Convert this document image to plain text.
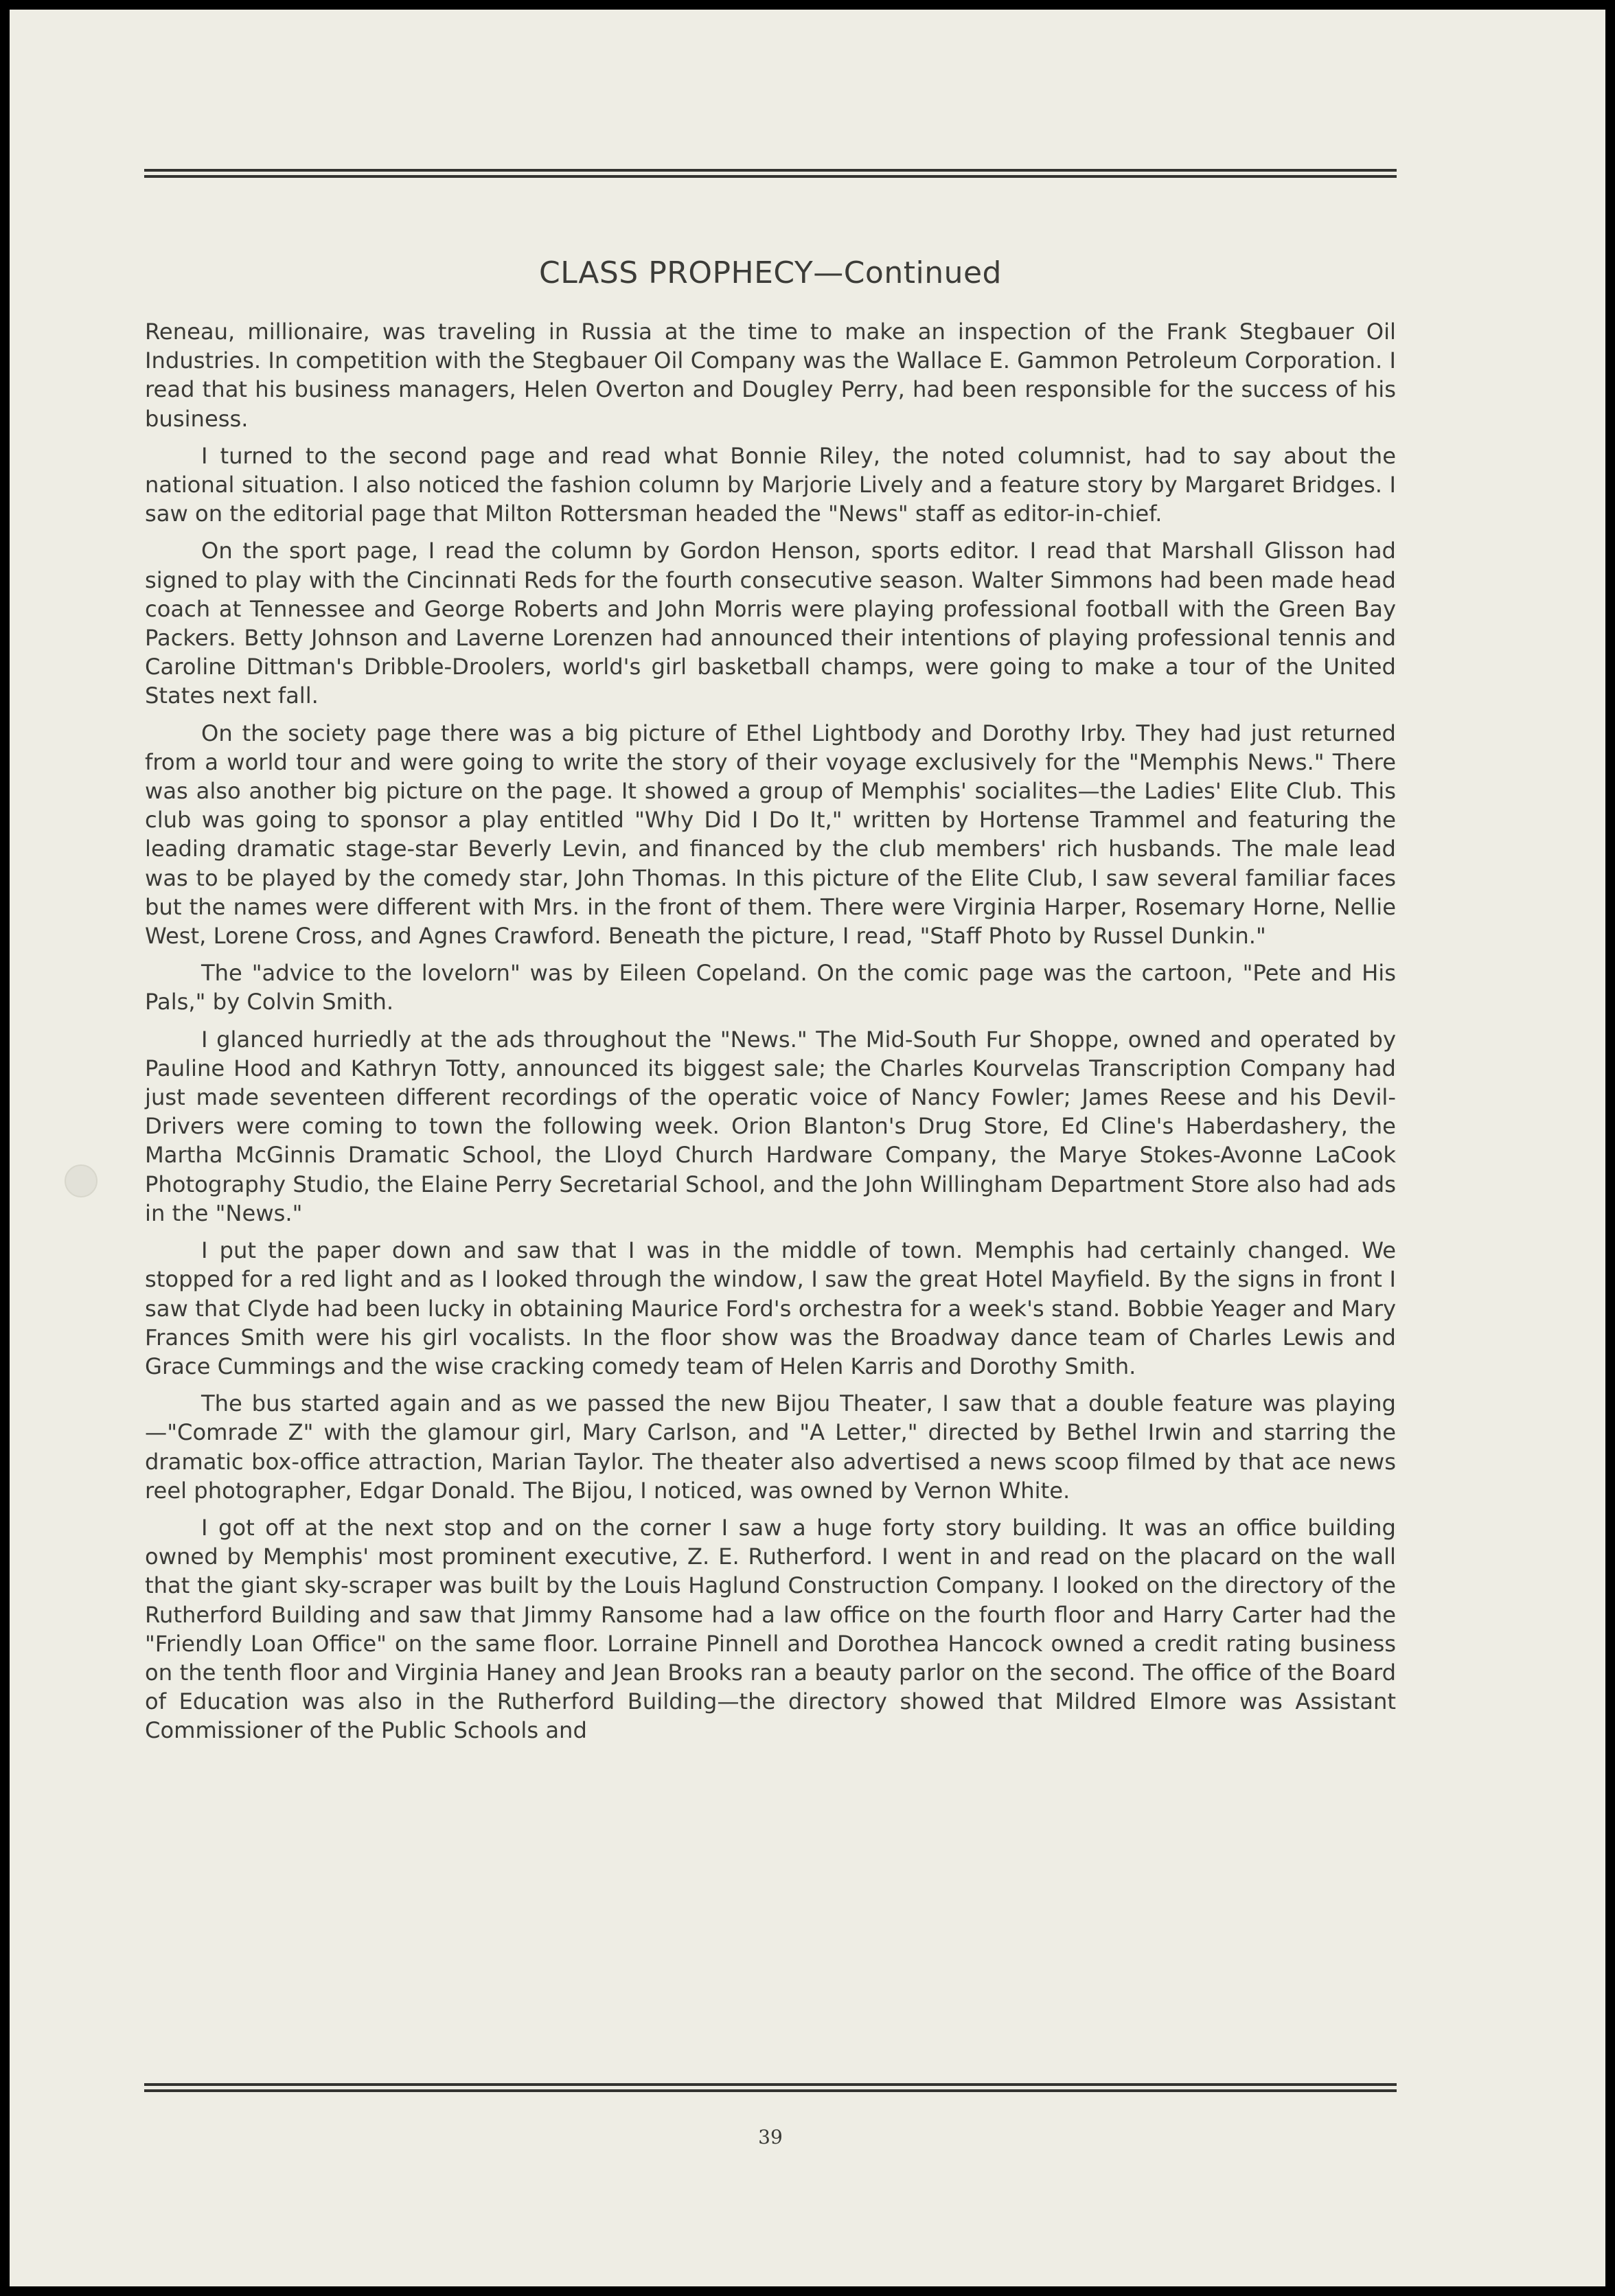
CLASS PROPHECY—Continued

Reneau, millionaire, was traveling in Russia at the time to make an inspection of the Frank Stegbauer Oil Industries. In competition with the Stegbauer Oil Company was the Wallace E. Gammon Petroleum Corporation. I read that his business managers, Helen Overton and Dougley Perry, had been responsible for the success of his business.

I turned to the second page and read what Bonnie Riley, the noted columnist, had to say about the national situation. I also noticed the fashion column by Marjorie Lively and a feature story by Margaret Bridges. I saw on the editorial page that Milton Rottersman headed the "News" staff as editor-in-chief.

On the sport page, I read the column by Gordon Henson, sports editor. I read that Marshall Glisson had signed to play with the Cincinnati Reds for the fourth consecutive season. Walter Simmons had been made head coach at Tennessee and George Roberts and John Morris were playing professional football with the Green Bay Packers. Betty Johnson and Laverne Lorenzen had announced their intentions of playing professional tennis and Caroline Dittman's Dribble-Droolers, world's girl basketball champs, were going to make a tour of the United States next fall.

On the society page there was a big picture of Ethel Lightbody and Dorothy Irby. They had just returned from a world tour and were going to write the story of their voyage exclusively for the "Memphis News." There was also another big picture on the page. It showed a group of Memphis' socialites—the Ladies' Elite Club. This club was going to sponsor a play entitled "Why Did I Do It," written by Hortense Trammel and featuring the leading dramatic stage-star Beverly Levin, and financed by the club members' rich husbands. The male lead was to be played by the comedy star, John Thomas. In this picture of the Elite Club, I saw several familiar faces but the names were different with Mrs. in the front of them. There were Virginia Harper, Rosemary Horne, Nellie West, Lorene Cross, and Agnes Crawford. Beneath the picture, I read, "Staff Photo by Russel Dunkin."

The "advice to the lovelorn" was by Eileen Copeland. On the comic page was the cartoon, "Pete and His Pals," by Colvin Smith.

I glanced hurriedly at the ads throughout the "News." The Mid-South Fur Shoppe, owned and operated by Pauline Hood and Kathryn Totty, announced its biggest sale; the Charles Kourvelas Transcription Company had just made seventeen different recordings of the operatic voice of Nancy Fowler; James Reese and his Devil-Drivers were coming to town the following week. Orion Blanton's Drug Store, Ed Cline's Haberdashery, the Martha McGinnis Dramatic School, the Lloyd Church Hardware Company, the Marye Stokes-Avonne LaCook Photography Studio, the Elaine Perry Secretarial School, and the John Willingham Department Store also had ads in the "News."

I put the paper down and saw that I was in the middle of town. Memphis had certainly changed. We stopped for a red light and as I looked through the window, I saw the great Hotel Mayfield. By the signs in front I saw that Clyde had been lucky in obtaining Maurice Ford's orchestra for a week's stand. Bobbie Yeager and Mary Frances Smith were his girl vocalists. In the floor show was the Broadway dance team of Charles Lewis and Grace Cummings and the wise cracking comedy team of Helen Karris and Dorothy Smith.

The bus started again and as we passed the new Bijou Theater, I saw that a double feature was playing—"Comrade Z" with the glamour girl, Mary Carlson, and "A Letter," directed by Bethel Irwin and starring the dramatic box-office attraction, Marian Taylor. The theater also advertised a news scoop filmed by that ace news reel photographer, Edgar Donald. The Bijou, I noticed, was owned by Vernon White.

I got off at the next stop and on the corner I saw a huge forty story building. It was an office building owned by Memphis' most prominent executive, Z. E. Rutherford. I went in and read on the placard on the wall that the giant sky-scraper was built by the Louis Haglund Construction Company. I looked on the directory of the Rutherford Building and saw that Jimmy Ransome had a law office on the fourth floor and Harry Carter had the "Friendly Loan Office" on the same floor. Lorraine Pinnell and Dorothea Hancock owned a credit rating business on the tenth floor and Virginia Haney and Jean Brooks ran a beauty parlor on the second. The office of the Board of Education was also in the Rutherford Building—the directory showed that Mildred Elmore was Assistant Commissioner of the Public Schools and

39
